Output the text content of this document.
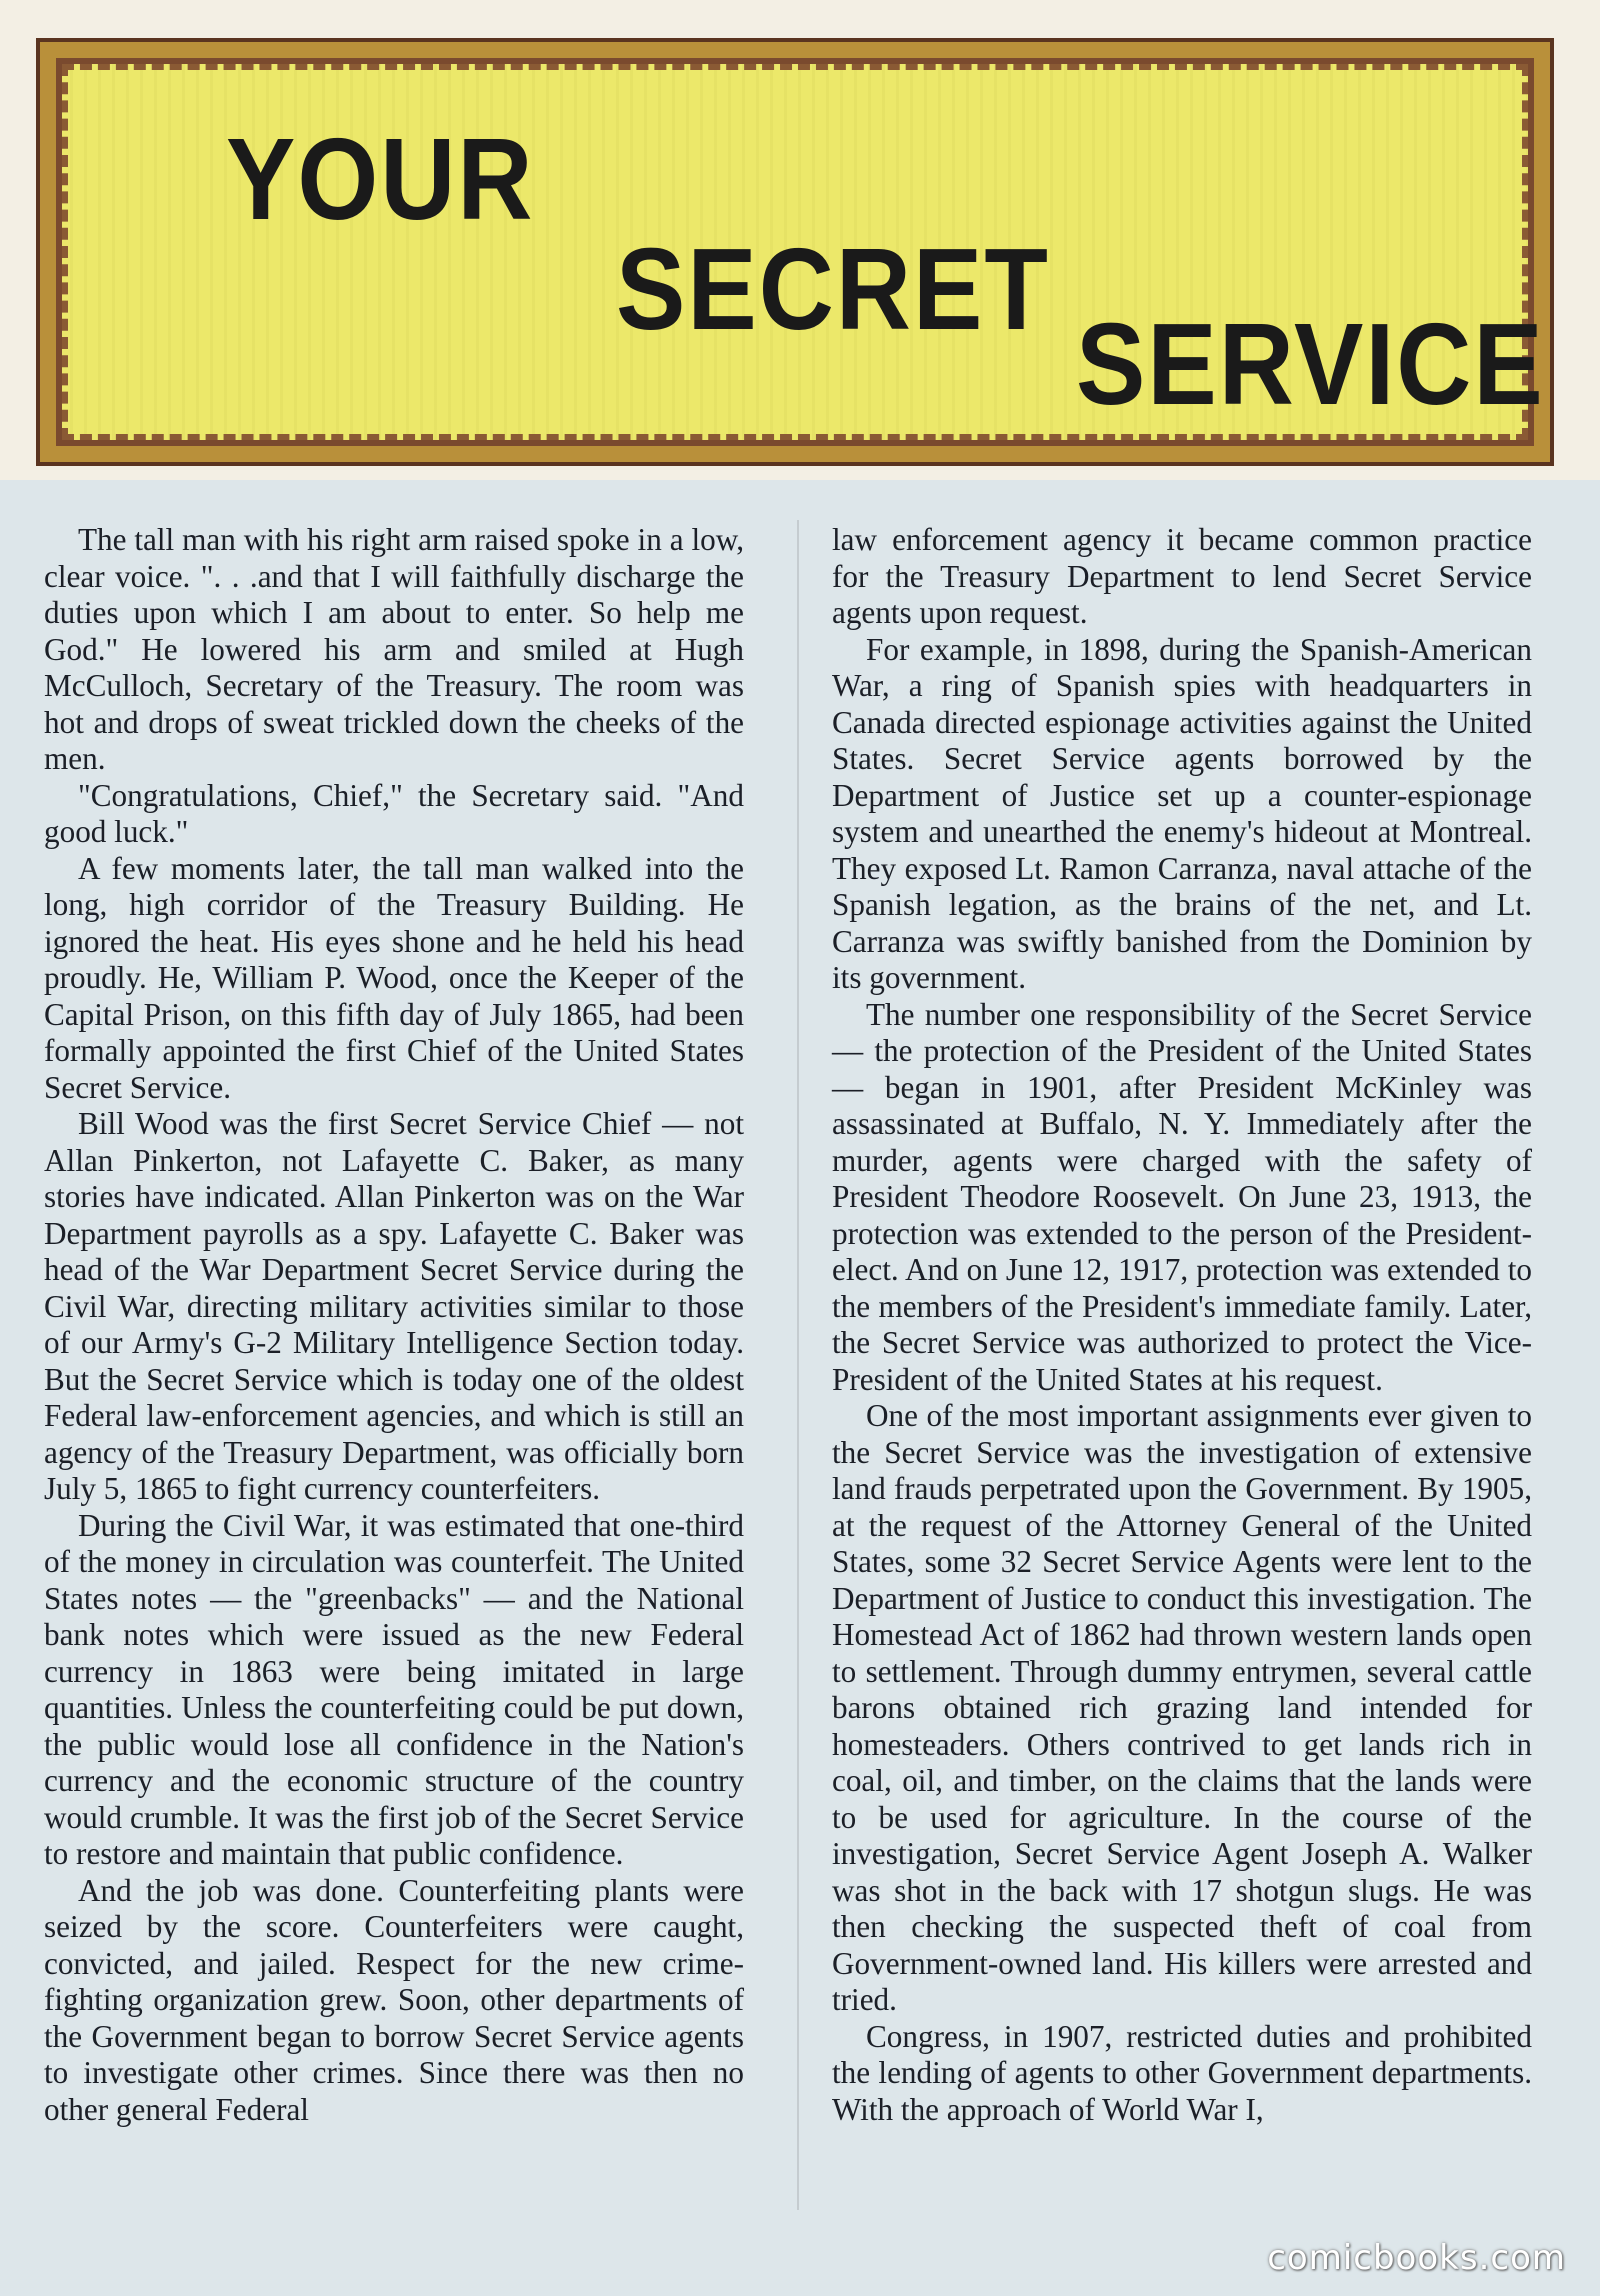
YOUR
SECRET
SERVICE

The tall man with his right arm raised spoke in a low, clear voice. ". . .and that I will faithfully discharge the duties upon which I am about to enter. So help me God." He lowered his arm and smiled at Hugh McCulloch, Secretary of the Treasury. The room was hot and drops of sweat trickled down the cheeks of the men.

"Congratulations, Chief," the Secretary said. "And good luck."

A few moments later, the tall man walked into the long, high corridor of the Treasury Building. He ignored the heat. His eyes shone and he held his head proudly. He, William P. Wood, once the Keeper of the Capital Prison, on this fifth day of July 1865, had been formally appointed the first Chief of the United States Secret Service.

Bill Wood was the first Secret Service Chief — not Allan Pinkerton, not Lafayette C. Baker, as many stories have indicated. Allan Pinkerton was on the War Department payrolls as a spy. Lafayette C. Baker was head of the War Department Secret Service during the Civil War, directing military activities similar to those of our Army's G-2 Military Intelligence Section today. But the Secret Service which is today one of the oldest Federal law-enforcement agencies, and which is still an agency of the Treasury Department, was officially born July 5, 1865 to fight currency counterfeiters.

During the Civil War, it was estimated that one-third of the money in circulation was counterfeit. The United States notes — the "greenbacks" — and the National bank notes which were issued as the new Federal currency in 1863 were being imitated in large quantities. Unless the counterfeiting could be put down, the public would lose all confidence in the Nation's currency and the economic structure of the country would crumble. It was the first job of the Secret Service to restore and maintain that public confidence.

And the job was done. Counterfeiting plants were seized by the score. Counterfeiters were caught, convicted, and jailed. Respect for the new crime-fighting organization grew. Soon, other departments of the Government began to borrow Secret Service agents to investigate other crimes. Since there was then no other general Federal

law enforcement agency it became common practice for the Treasury Department to lend Secret Service agents upon request.

For example, in 1898, during the Spanish-American War, a ring of Spanish spies with headquarters in Canada directed espionage activities against the United States. Secret Service agents borrowed by the Department of Justice set up a counter-espionage system and unearthed the enemy's hideout at Montreal. They exposed Lt. Ramon Carranza, naval attache of the Spanish legation, as the brains of the net, and Lt. Carranza was swiftly banished from the Dominion by its government.

The number one responsibility of the Secret Service — the protection of the President of the United States — began in 1901, after President McKinley was assassinated at Buffalo, N. Y. Immediately after the murder, agents were charged with the safety of President Theodore Roosevelt. On June 23, 1913, the protection was extended to the person of the President-elect. And on June 12, 1917, protection was extended to the members of the President's immediate family. Later, the Secret Service was authorized to protect the Vice-President of the United States at his request.

One of the most important assignments ever given to the Secret Service was the investigation of extensive land frauds perpetrated upon the Government. By 1905, at the request of the Attorney General of the United States, some 32 Secret Service Agents were lent to the Department of Justice to conduct this investigation. The Homestead Act of 1862 had thrown western lands open to settlement. Through dummy entrymen, several cattle barons obtained rich grazing land intended for homesteaders. Others contrived to get lands rich in coal, oil, and timber, on the claims that the lands were to be used for agriculture. In the course of the investigation, Secret Service Agent Joseph A. Walker was shot in the back with 17 shotgun slugs. He was then checking the suspected theft of coal from Government-owned land. His killers were arrested and tried.

Congress, in 1907, restricted duties and prohibited the lending of agents to other Government departments. With the approach of World War I,

comicbooks.com
